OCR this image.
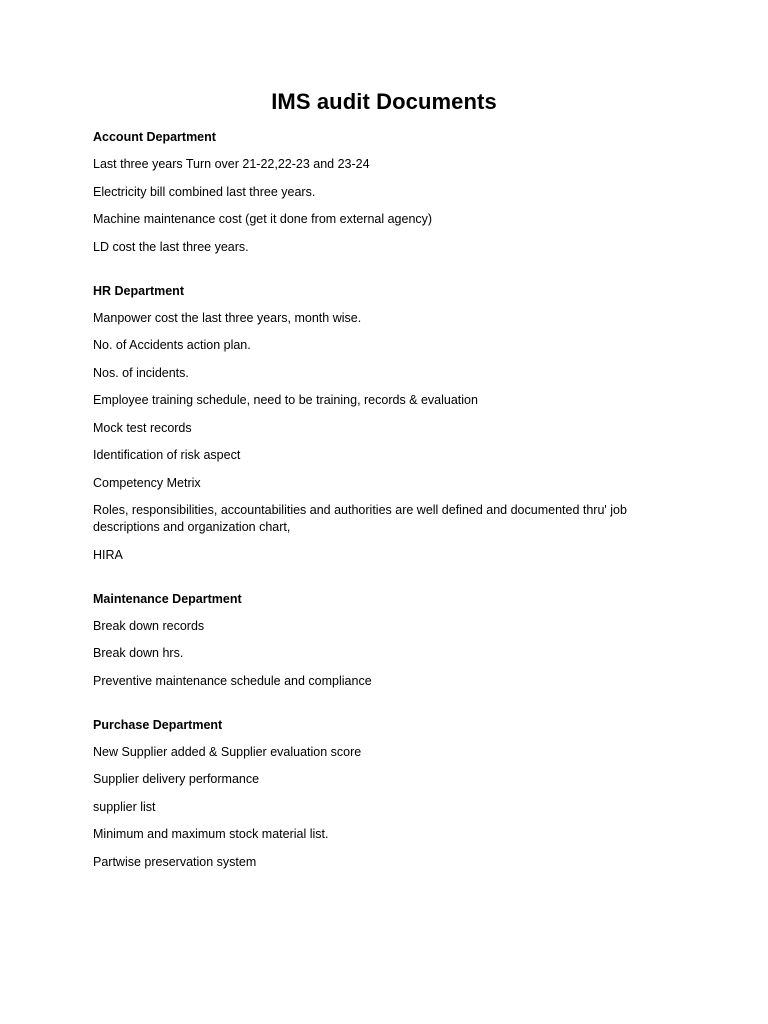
IMS audit Documents
Account Department
Last three years Turn over 21-22,22-23 and 23-24
Electricity bill combined last three years.
Machine maintenance cost (get it done from external agency)
LD cost the last three years.
HR Department
Manpower cost the last three years, month wise.
No. of Accidents action plan.
Nos. of incidents.
Employee training schedule, need to be training, records & evaluation
Mock test records
Identification of risk aspect
Competency Metrix
Roles, responsibilities, accountabilities and authorities are well defined and documented thru' job descriptions and organization chart,
HIRA
Maintenance Department
Break down records
Break down hrs.
Preventive maintenance schedule and compliance
Purchase Department
New Supplier added & Supplier evaluation score
Supplier delivery performance
supplier list
Minimum and maximum stock material list.
Partwise preservation system
